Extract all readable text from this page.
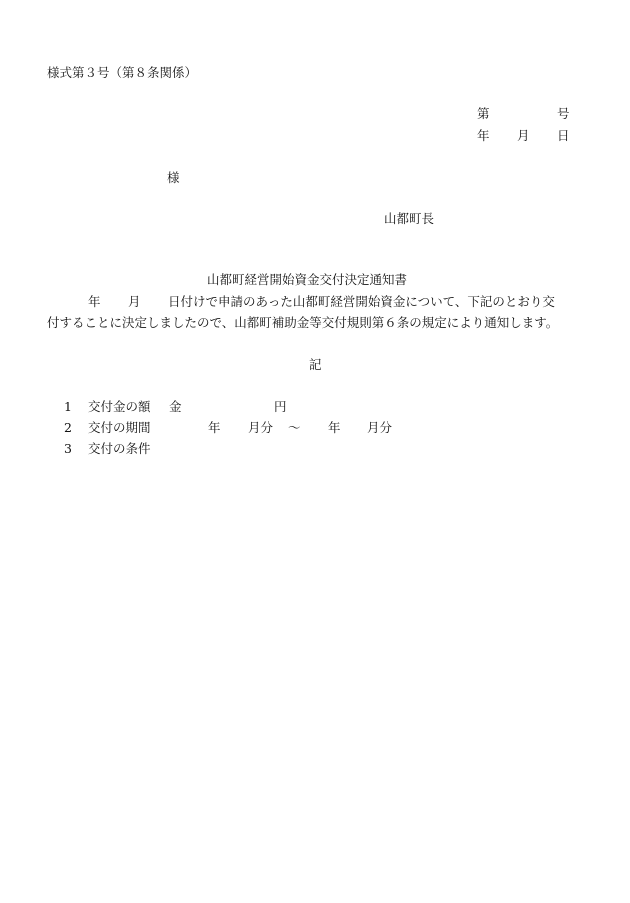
様式第３号（第８条関係）
第	号
年 月 日
様
山都町長
山都町経営開始資金交付決定通知書
年 月 日付けで申請のあった山都町経営開始資金について、下記のとおり交
付することに決定しましたので、山都町補助金等交付規則第６条の規定により通知します。
記
1 交付金の額 金	円
2 交付の期間	年 月分 ～ 年 月分
3 交付の条件
